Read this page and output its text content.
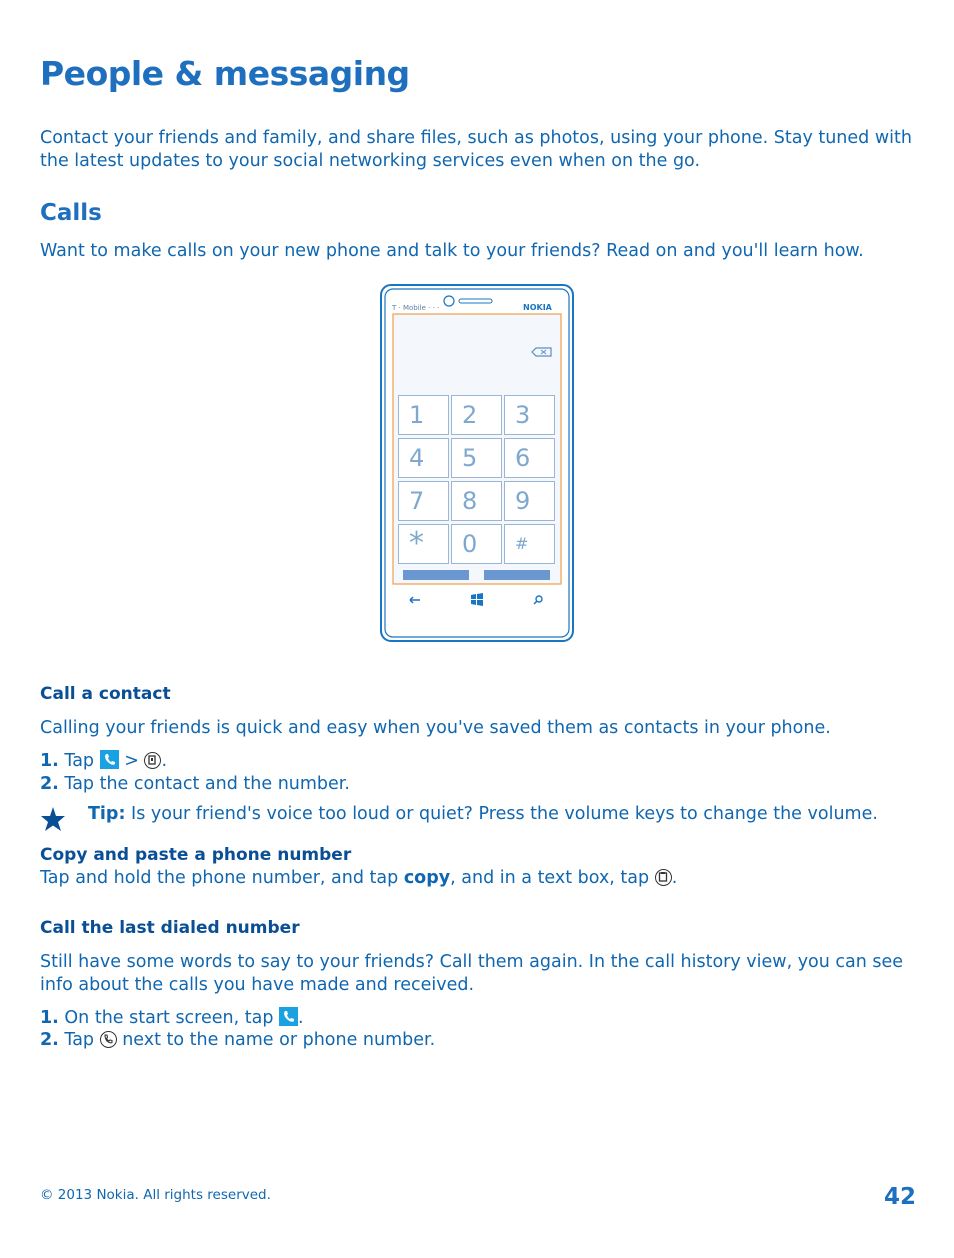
People & messaging
Contact your friends and family, and share files, such as photos, using your phone. Stay tuned with the latest updates to your social networking services even when on the go.
Calls
Want to make calls on your new phone and talk to your friends? Read on and you'll learn how.
T · Mobile · · ·	NOKIA
1	2	3
4	5	6
7	8	9
*	0	#
Call a contact
Calling your friends is quick and easy when you've saved them as contacts in your phone.
1. Tap > .
2. Tap the contact and the number.
Tip: Is your friend's voice too loud or quiet? Press the volume keys to change the volume.
Copy and paste a phone number
Tap and hold the phone number, and tap copy, and in a text box, tap .
Call the last dialed number
Still have some words to say to your friends? Call them again. In the call history view, you can see info about the calls you have made and received.
1. On the start screen, tap .
2. Tap next to the name or phone number.
© 2013 Nokia. All rights reserved.	42
